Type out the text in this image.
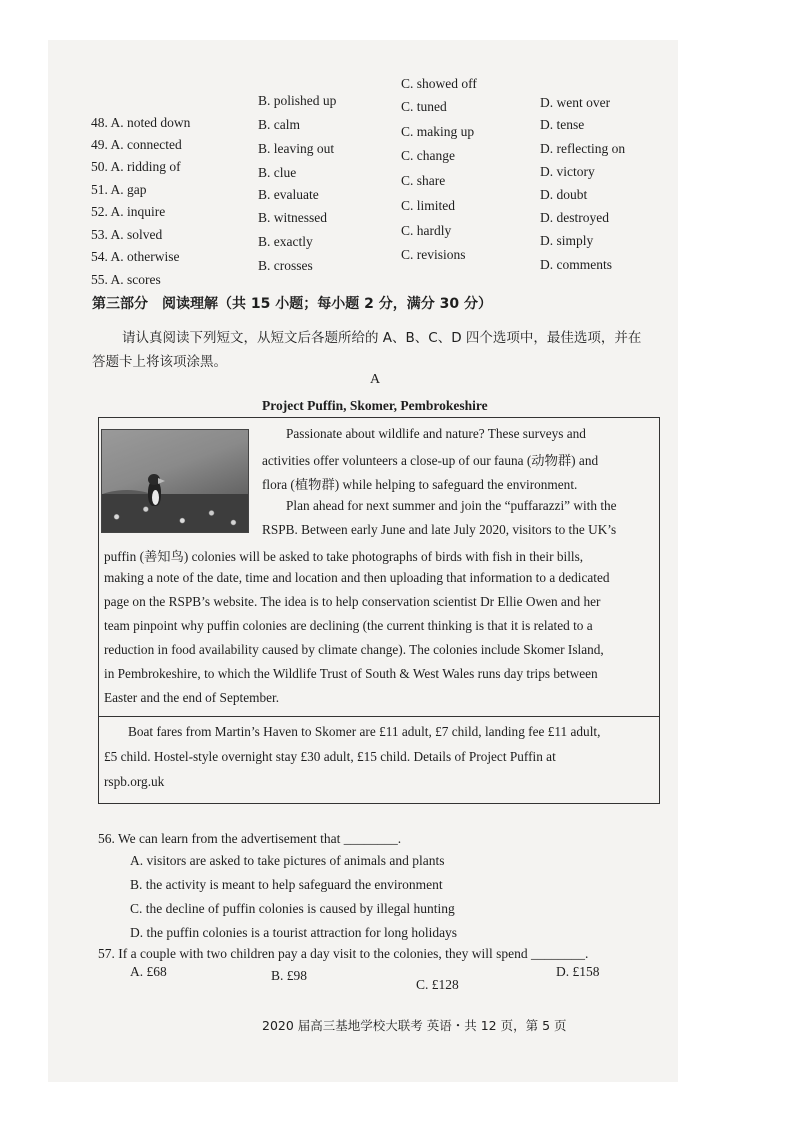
48. A. noted down
49. A. connected
50. A. ridding of
51. A. gap
52. A. inquire
53. A. solved
54. A. otherwise
55. A. scores
B. polished up
B. calm
B. leaving out
B. clue
B. evaluate
B. witnessed
B. exactly
B. crosses
C. showed off
C. tuned
C. making up
C. change
C. share
C. limited
C. hardly
C. revisions
D. went over
D. tense
D. reflecting on
D. victory
D. doubt
D. destroyed
D. simply
D. comments
第三部分　阅读理解（共 15 小题；每小题 2 分，满分 30 分）
请认真阅读下列短文，从短文后各题所给的 A、B、C、D 四个选项中，最佳选项，并在
答题卡上将该项涂黑。
A
Project Puffin, Skomer, Pembrokeshire
Passionate about wildlife and nature? These surveys and
activities offer volunteers a close-up of our fauna (动物群) and
flora (植物群) while helping to safeguard the environment.
Plan ahead for next summer and join the “puffarazzi” with the
RSPB. Between early June and late July 2020, visitors to the UK’s
puffin (善知鸟) colonies will be asked to take photographs of birds with fish in their bills,
making a note of the date, time and location and then uploading that information to a dedicated
page on the RSPB’s website. The idea is to help conservation scientist Dr Ellie Owen and her
team pinpoint why puffin colonies are declining (the current thinking is that it is related to a
reduction in food availability caused by climate change). The colonies include Skomer Island,
in Pembrokeshire, to which the Wildlife Trust of South & West Wales runs day trips between
Easter and the end of September.
Boat fares from Martin’s Haven to Skomer are £11 adult, £7 child, landing fee £11 adult,
£5 child. Hostel-style overnight stay £30 adult, £15 child. Details of Project Puffin at
rspb.org.uk
56. We can learn from the advertisement that ________.
A. visitors are asked to take pictures of animals and plants
B. the activity is meant to help safeguard the environment
C. the decline of puffin colonies is caused by illegal hunting
D. the puffin colonies is a tourist attraction for long holidays
57. If a couple with two children pay a day visit to the colonies, they will spend ________.
A. £68	B. £98
C. £128
D. £158
2020 届高三基地学校大联考 英语・共 12 页，第 5 页
